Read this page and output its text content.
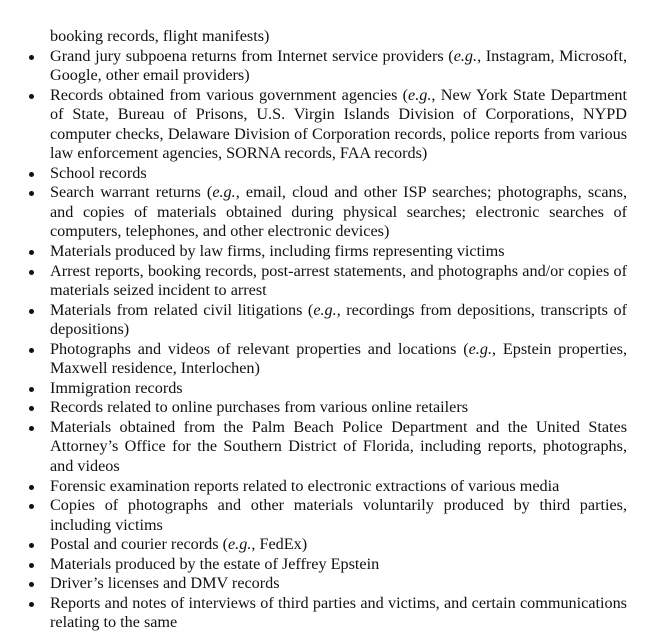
booking records, flight manifests)
Grand jury subpoena returns from Internet service providers (e.g., Instagram, Microsoft, Google, other email providers)
Records obtained from various government agencies (e.g., New York State Department of State, Bureau of Prisons, U.S. Virgin Islands Division of Corporations, NYPD computer checks, Delaware Division of Corporation records, police reports from various law enforcement agencies, SORNA records, FAA records)
School records
Search warrant returns (e.g., email, cloud and other ISP searches; photographs, scans, and copies of materials obtained during physical searches; electronic searches of computers, telephones, and other electronic devices)
Materials produced by law firms, including firms representing victims
Arrest reports, booking records, post-arrest statements, and photographs and/or copies of materials seized incident to arrest
Materials from related civil litigations (e.g., recordings from depositions, transcripts of depositions)
Photographs and videos of relevant properties and locations (e.g., Epstein properties, Maxwell residence, Interlochen)
Immigration records
Records related to online purchases from various online retailers
Materials obtained from the Palm Beach Police Department and the United States Attorney’s Office for the Southern District of Florida, including reports, photographs, and videos
Forensic examination reports related to electronic extractions of various media
Copies of photographs and other materials voluntarily produced by third parties, including victims
Postal and courier records (e.g., FedEx)
Materials produced by the estate of Jeffrey Epstein
Driver’s licenses and DMV records
Reports and notes of interviews of third parties and victims, and certain communications relating to the same
